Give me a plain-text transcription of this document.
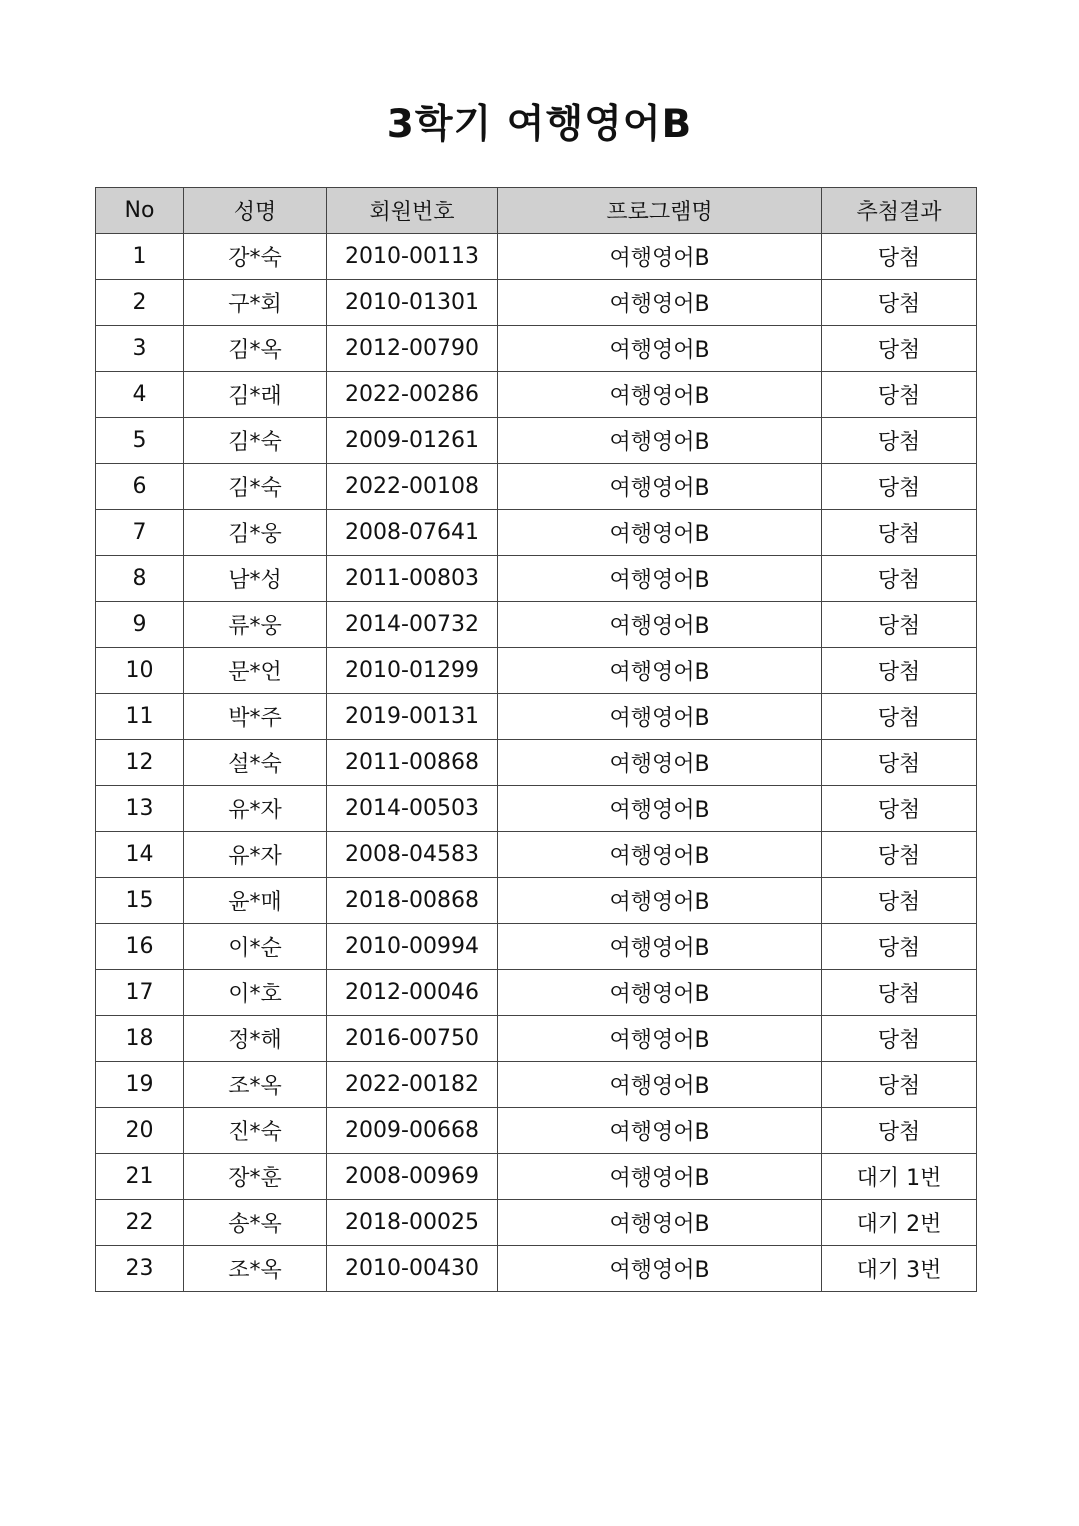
3학기 여행영어B
No	성명	회원번호	프로그램명	추첨결과
1	강*숙	2010-00113	여행영어B	당첨
2	구*회	2010-01301	여행영어B	당첨
3	김*옥	2012-00790	여행영어B	당첨
4	김*래	2022-00286	여행영어B	당첨
5	김*숙	2009-01261	여행영어B	당첨
6	김*숙	2022-00108	여행영어B	당첨
7	김*웅	2008-07641	여행영어B	당첨
8	남*성	2011-00803	여행영어B	당첨
9	류*웅	2014-00732	여행영어B	당첨
10	문*언	2010-01299	여행영어B	당첨
11	박*주	2019-00131	여행영어B	당첨
12	설*숙	2011-00868	여행영어B	당첨
13	유*자	2014-00503	여행영어B	당첨
14	유*자	2008-04583	여행영어B	당첨
15	윤*매	2018-00868	여행영어B	당첨
16	이*순	2010-00994	여행영어B	당첨
17	이*호	2012-00046	여행영어B	당첨
18	정*해	2016-00750	여행영어B	당첨
19	조*옥	2022-00182	여행영어B	당첨
20	진*숙	2009-00668	여행영어B	당첨
21	장*훈	2008-00969	여행영어B	대기 1번
22	송*옥	2018-00025	여행영어B	대기 2번
23	조*옥	2010-00430	여행영어B	대기 3번
